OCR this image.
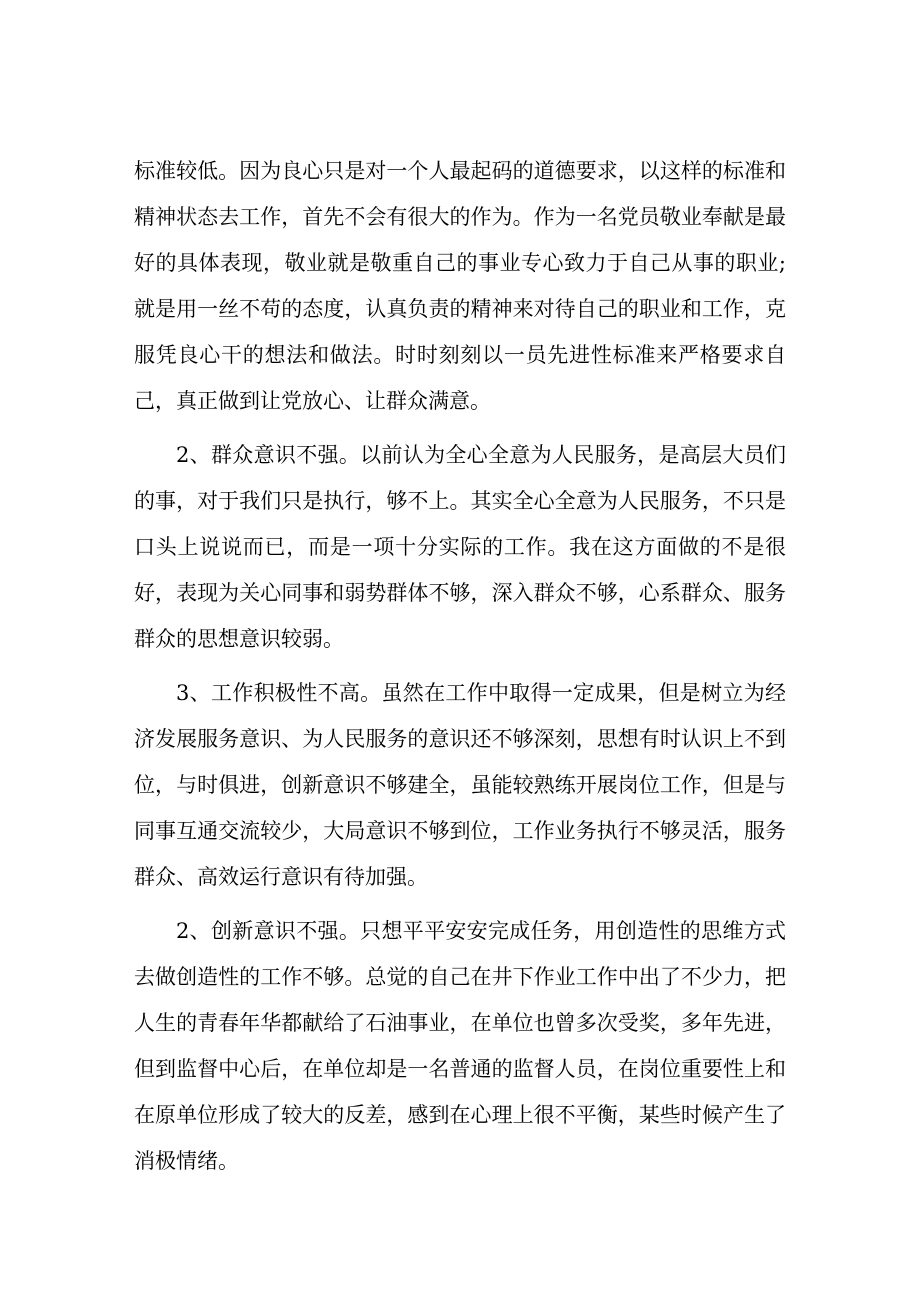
标准较低。因为良心只是对一个人最起码的道德要求，以这样的标准和精神状态去工作，首先不会有很大的作为。作为一名党员敬业奉献是最好的具体表现，敬业就是敬重自己的事业专心致力于自己从事的职业;就是用一丝不苟的态度，认真负责的精神来对待自己的职业和工作，克服凭良心干的想法和做法。时时刻刻以一员先进性标准来严格要求自己，真正做到让党放心、让群众满意。

2、群众意识不强。以前认为全心全意为人民服务，是高层大员们的事，对于我们只是执行，够不上。其实全心全意为人民服务，不只是口头上说说而已，而是一项十分实际的工作。我在这方面做的不是很好，表现为关心同事和弱势群体不够，深入群众不够，心系群众、服务群众的思想意识较弱。

3、工作积极性不高。虽然在工作中取得一定成果，但是树立为经济发展服务意识、为人民服务的意识还不够深刻，思想有时认识上不到位，与时俱进，创新意识不够建全，虽能较熟练开展岗位工作，但是与同事互通交流较少，大局意识不够到位，工作业务执行不够灵活，服务群众、高效运行意识有待加强。

2、创新意识不强。只想平平安安完成任务，用创造性的思维方式去做创造性的工作不够。总觉的自己在井下作业工作中出了不少力，把人生的青春年华都献给了石油事业，在单位也曾多次受奖，多年先进，但到监督中心后，在单位却是一名普通的监督人员，在岗位重要性上和在原单位形成了较大的反差，感到在心理上很不平衡，某些时候产生了消极情绪。
